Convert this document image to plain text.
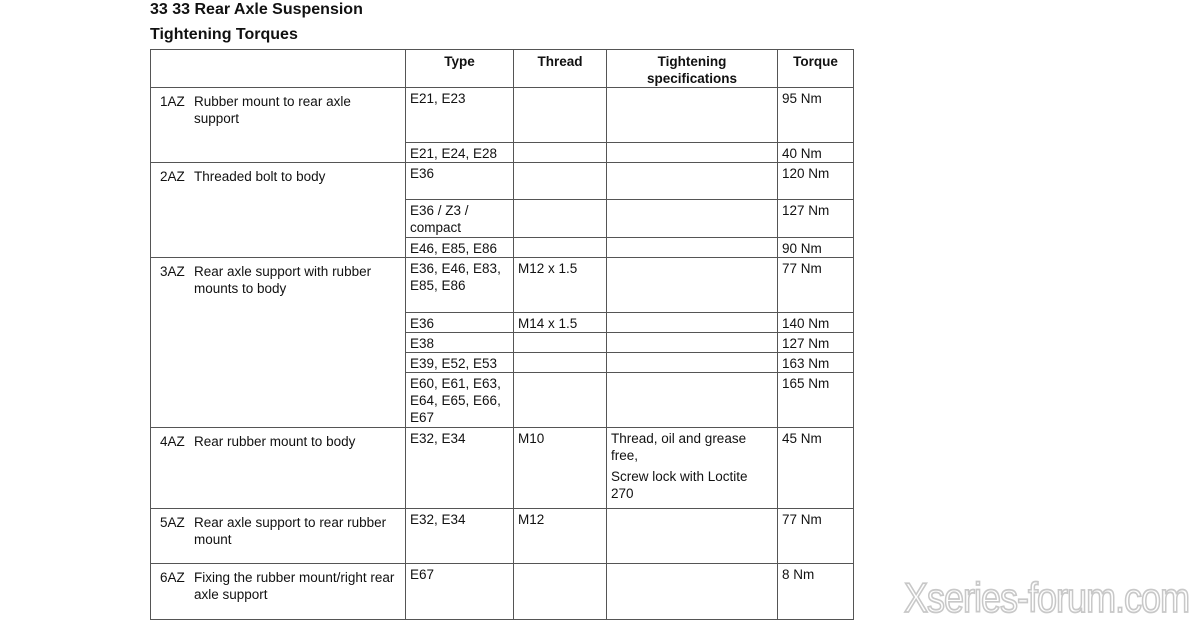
33 33 Rear Axle Suspension
Tightening Torques
	Type	Thread	Tightening specifications	Torque
1AZ Rubber mount to rear axle support	E21, E23			95 Nm
	E21, E24, E28			40 Nm
2AZ Threaded bolt to body	E36			120 Nm
	E36 / Z3 / compact			127 Nm
	E46, E85, E86			90 Nm
3AZ Rear axle support with rubber mounts to body	E36, E46, E83, E85, E86	M12 x 1.5		77 Nm
	E36	M14 x 1.5		140 Nm
	E38			127 Nm
	E39, E52, E53			163 Nm
	E60, E61, E63, E64, E65, E66, E67			165 Nm
4AZ Rear rubber mount to body	E32, E34	M10	Thread, oil and grease free,
Screw lock with Loctite 270	45 Nm
5AZ Rear axle support to rear rubber mount	E32, E34	M12		77 Nm
6AZ Fixing the rubber mount/right rear axle support	E67			8 Nm Xseries-forum.com
